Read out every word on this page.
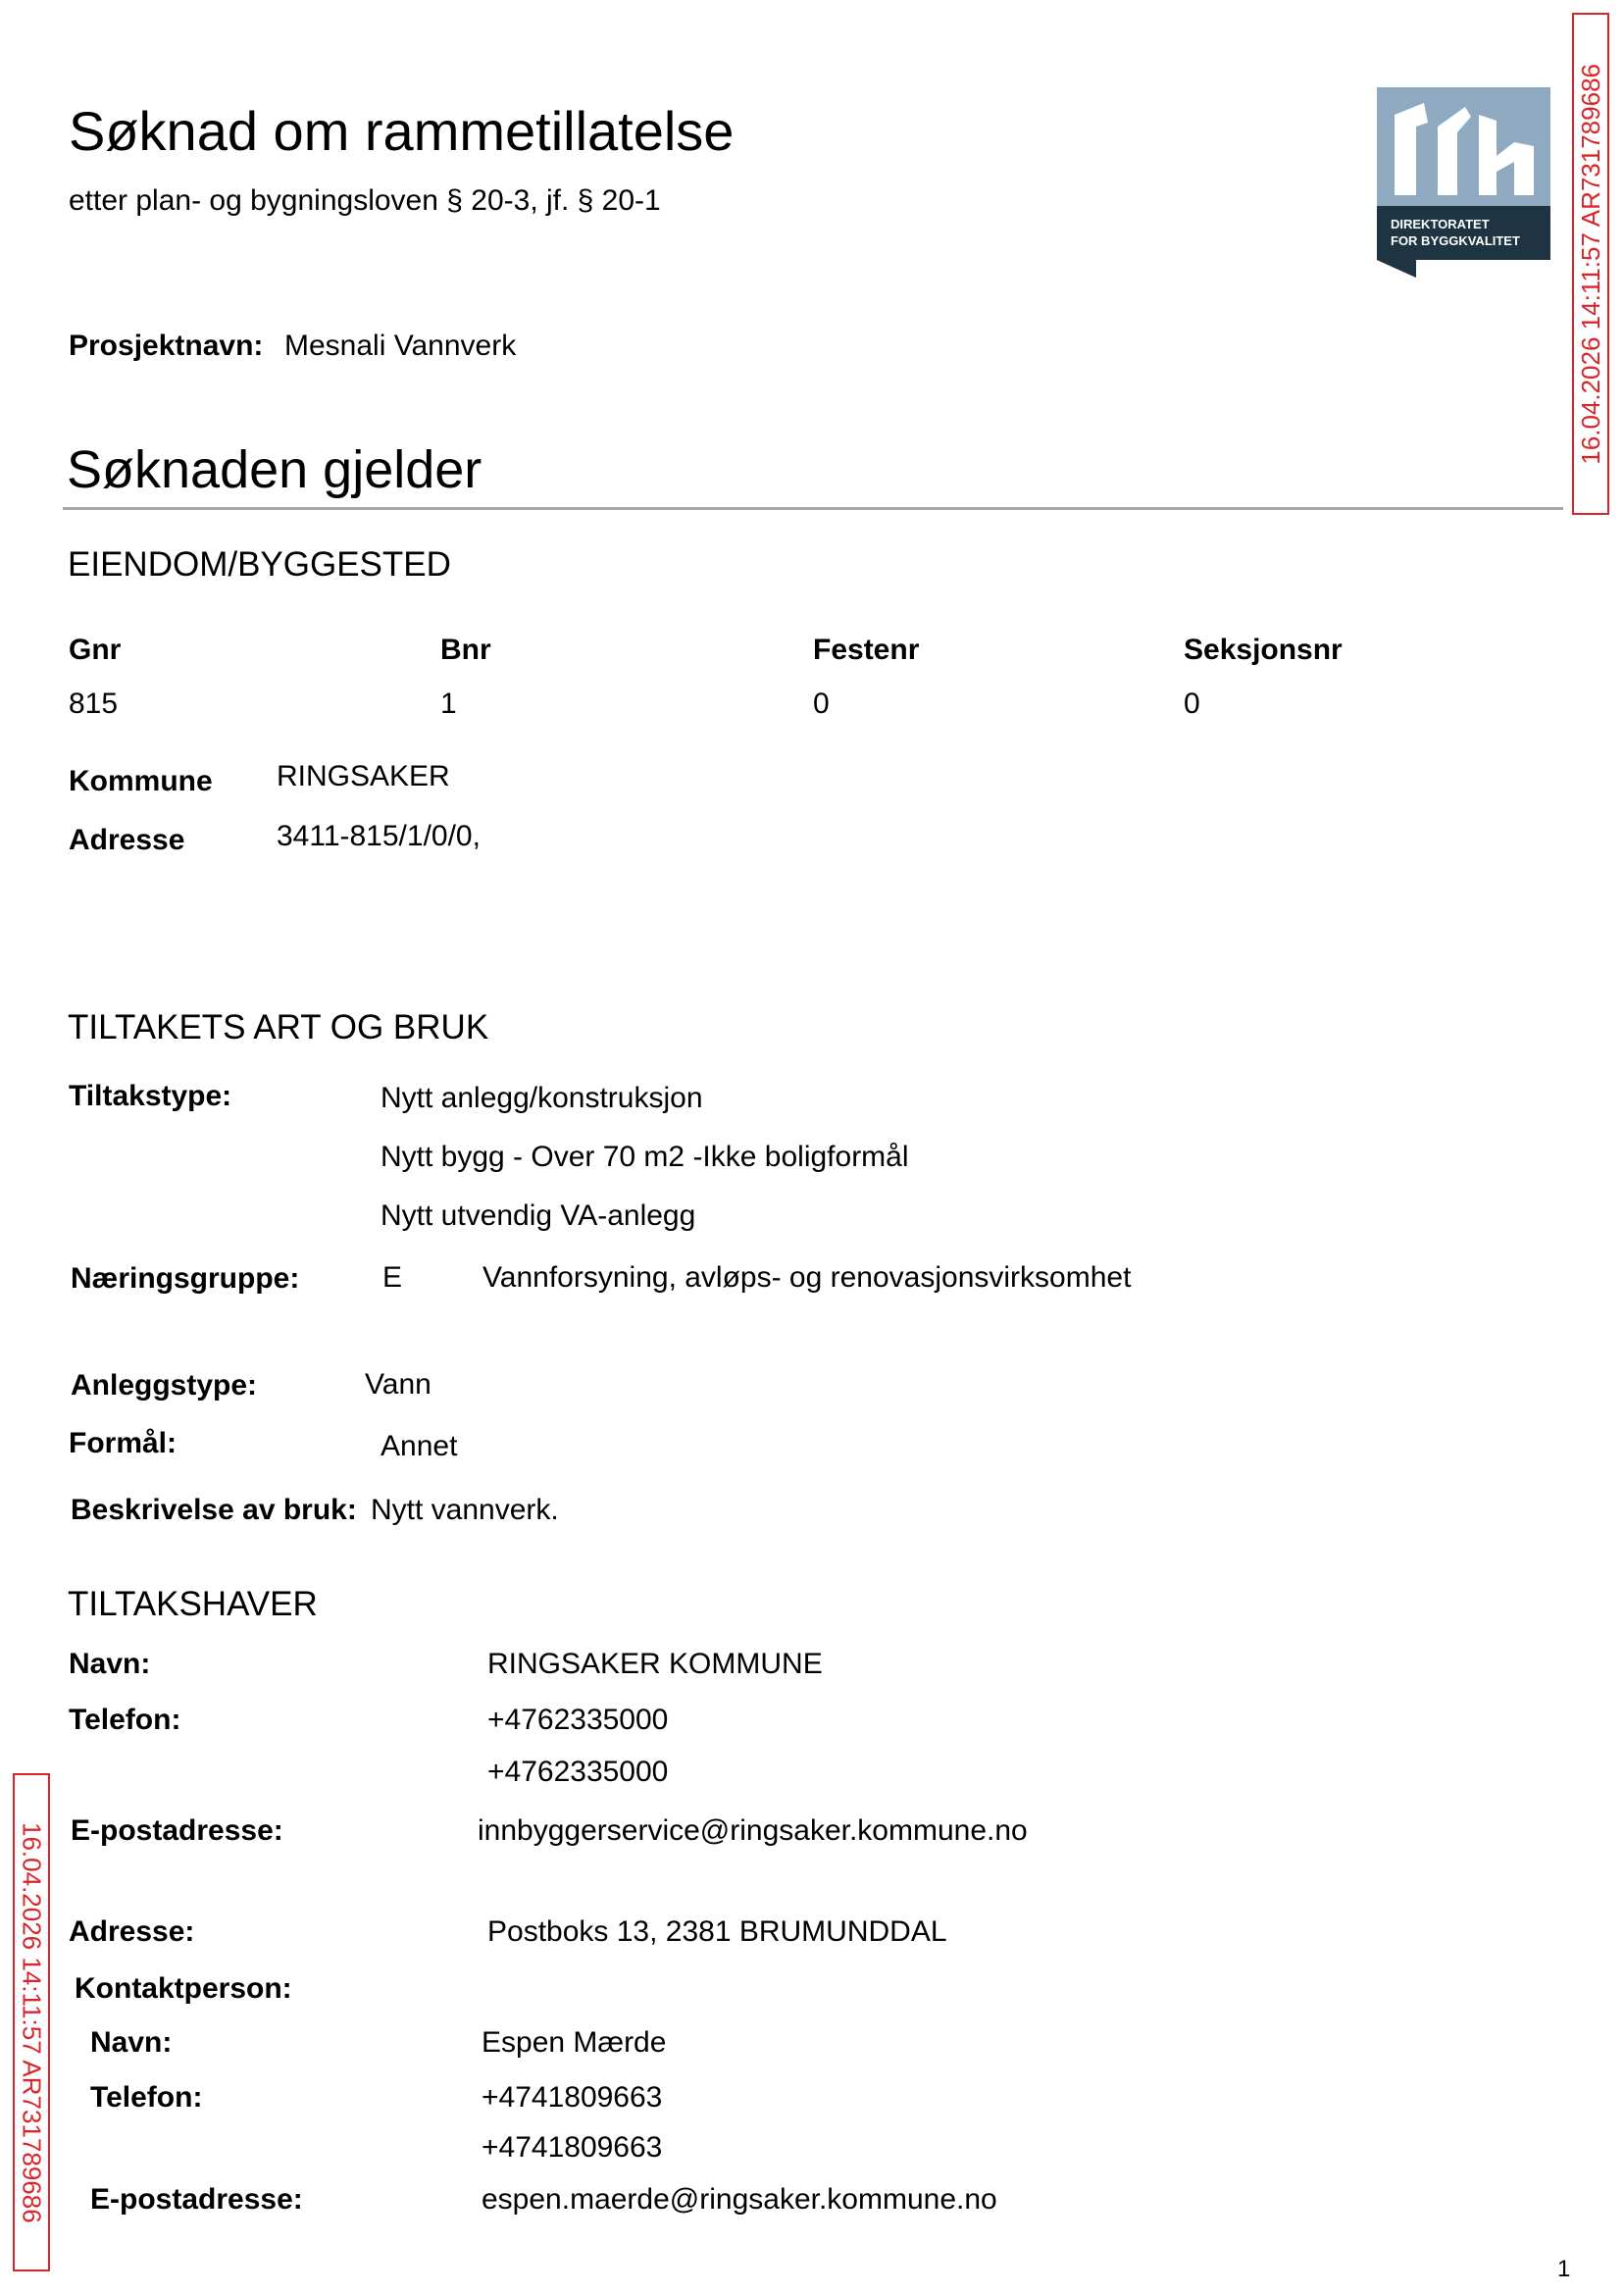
Søknad om rammetillatelse
etter plan- og bygningsloven § 20-3, jf. § 20-1
Prosjektnavn: Mesnali Vannverk
DIREKTORATET
FOR BYGGKVALITET 16.04.2026 14:11:57 AR731789686
16.04.2026 14:11:57 AR731789686
Søknaden gjelder
EIENDOM/BYGGESTED
Gnr	Bnr	Festenr	Seksjonsnr
815	1	0	0
Kommune RINGSAKER
Adresse	3411-815/1/0/0,
TILTAKETS ART OG BRUK
Tiltakstype:	Nytt anlegg/konstruksjon
Nytt bygg - Over 70 m2 -Ikke boligformål
Nytt utvendig VA-anlegg
Næringsgruppe:	E	Vannforsyning, avløps- og renovasjonsvirksomhet
Anleggstype:	Vann
Formål:	Annet
Beskrivelse av bruk: Nytt vannverk.
TILTAKSHAVER
Navn:	RINGSAKER KOMMUNE
Telefon:	+4762335000
+4762335000
E-postadresse:	innbyggerservice@ringsaker.kommune.no
Adresse:	Postboks 13, 2381 BRUMUNDDAL
Kontaktperson:
Navn:	Espen Mærde
Telefon:	+4741809663
+4741809663
E-postadresse:	espen.maerde@ringsaker.kommune.no
1
